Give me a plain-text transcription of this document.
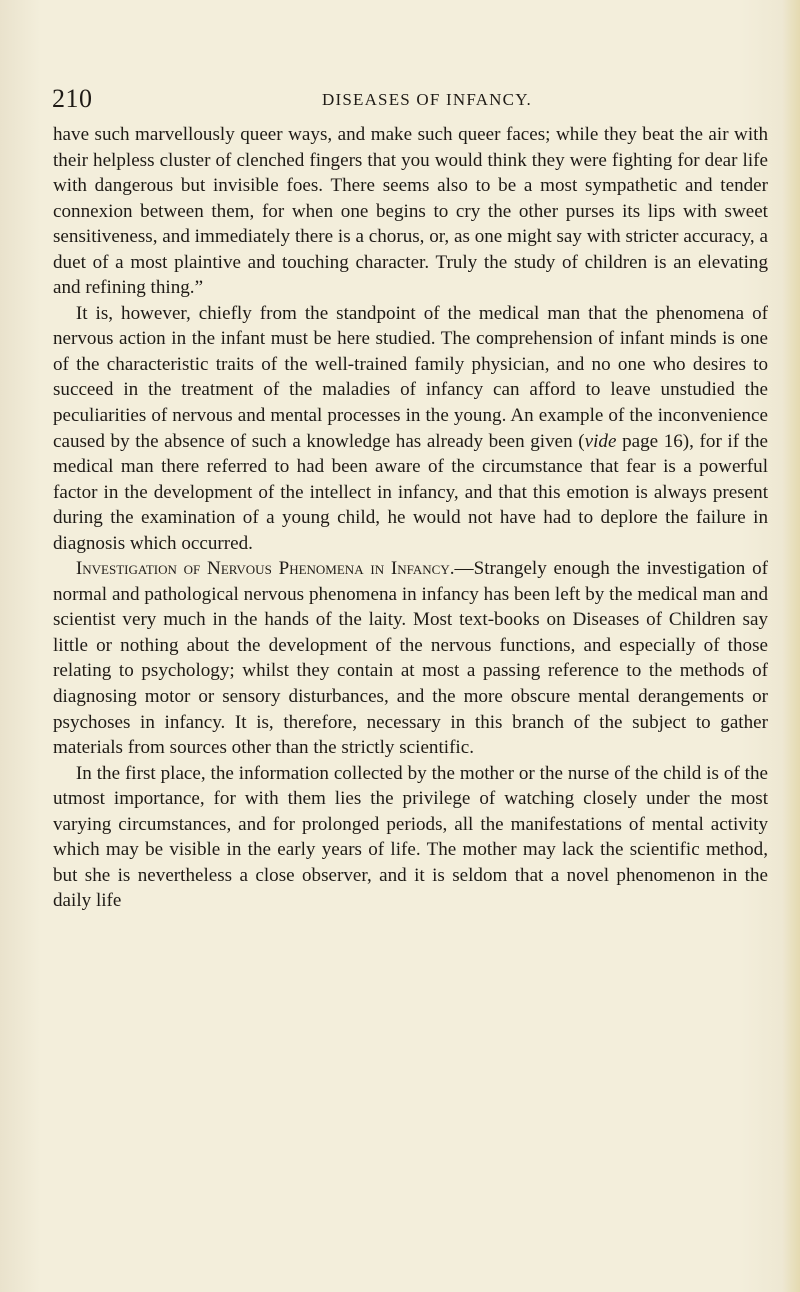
210	DISEASES OF INFANCY.

have such marvellously queer ways, and make such queer faces; while they beat the air with their helpless cluster of clenched fingers that you would think they were fighting for dear life with dangerous but invisible foes. There seems also to be a most sympathetic and tender connexion between them, for when one begins to cry the other purses its lips with sweet sensitiveness, and immediately there is a chorus, or, as one might say with stricter accuracy, a duet of a most plaintive and touching character. Truly the study of children is an elevating and refining thing.”

It is, however, chiefly from the standpoint of the medical man that the phenomena of nervous action in the infant must be here studied. The comprehension of infant minds is one of the characteristic traits of the well-trained family physician, and no one who desires to succeed in the treatment of the maladies of infancy can afford to leave unstudied the peculiarities of nervous and mental processes in the young. An example of the inconvenience caused by the absence of such a knowledge has already been given (vide page 16), for if the medical man there referred to had been aware of the circumstance that fear is a powerful factor in the development of the intellect in infancy, and that this emotion is always present during the examination of a young child, he would not have had to deplore the failure in diagnosis which occurred.

Investigation of Nervous Phenomena in Infancy.—Strangely enough the investigation of normal and pathological nervous phenomena in infancy has been left by the medical man and scientist very much in the hands of the laity. Most text-books on Diseases of Children say little or nothing about the development of the nervous functions, and especially of those relating to psychology; whilst they contain at most a passing reference to the methods of diagnosing motor or sensory disturbances, and the more obscure mental derangements or psychoses in infancy. It is, therefore, necessary in this branch of the subject to gather materials from sources other than the strictly scientific.

In the first place, the information collected by the mother or the nurse of the child is of the utmost importance, for with them lies the privilege of watching closely under the most varying circumstances, and for prolonged periods, all the manifestations of mental activity which may be visible in the early years of life. The mother may lack the scientific method, but she is nevertheless a close observer, and it is seldom that a novel phenomenon in the daily life
